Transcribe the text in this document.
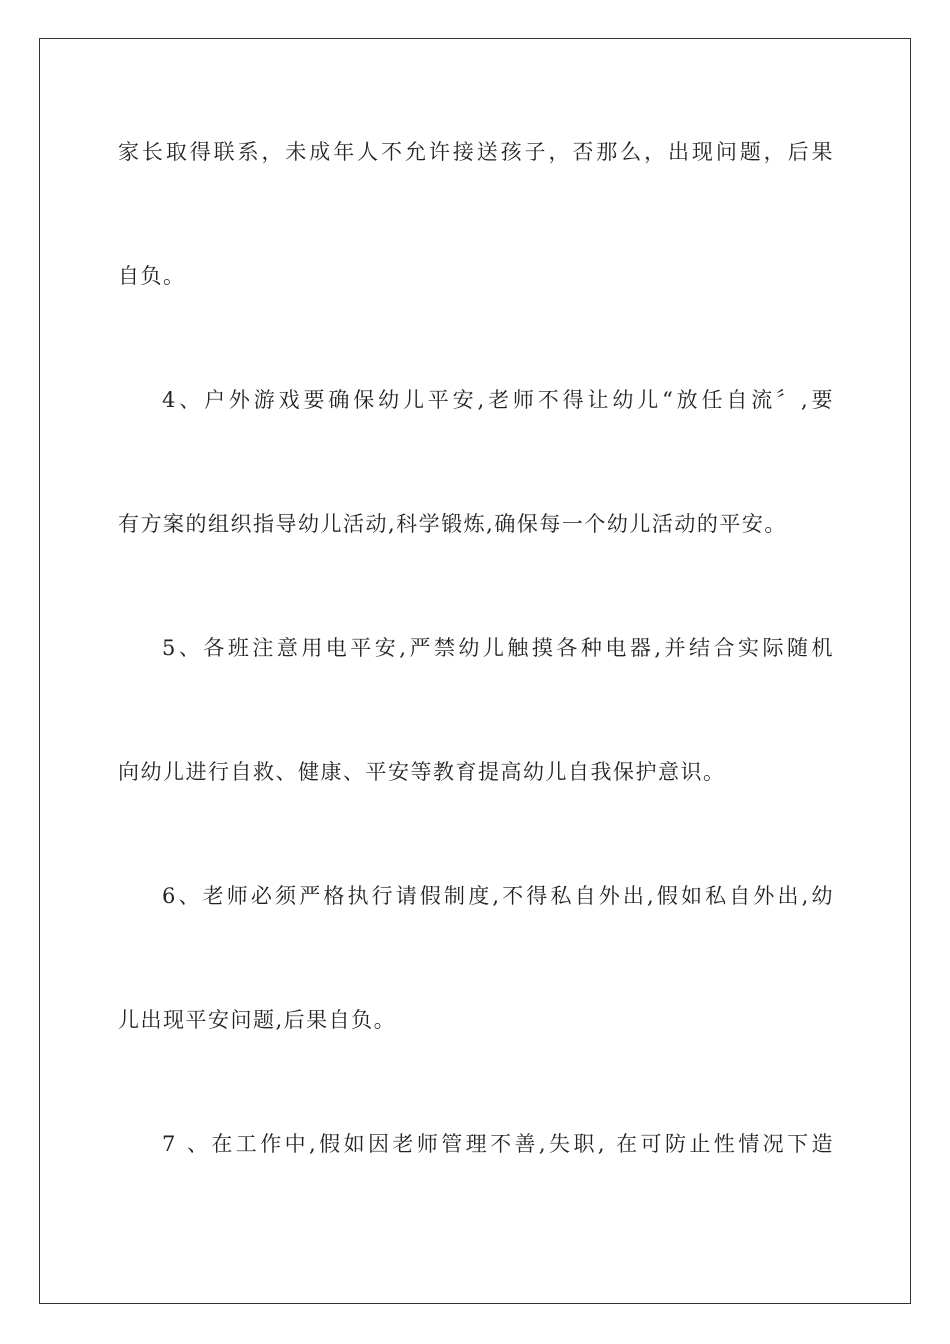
家长取得联系，未成年人不允许接送孩子，否那么，出现问题，后果
自负。
4、户外游戏要确保幼儿平安,老师不得让幼儿“放任自流〞,要
有方案的组织指导幼儿活动,科学锻炼,确保每一个幼儿活动的平安。
5、各班注意用电平安,严禁幼儿触摸各种电器,并结合实际随机
向幼儿进行自救、健康、平安等教育提高幼儿自我保护意识。
6、老师必须严格执行请假制度,不得私自外出,假如私自外出,幼
儿出现平安问题,后果自负。
7 、在工作中,假如因老师管理不善,失职, 在可防止性情况下造
